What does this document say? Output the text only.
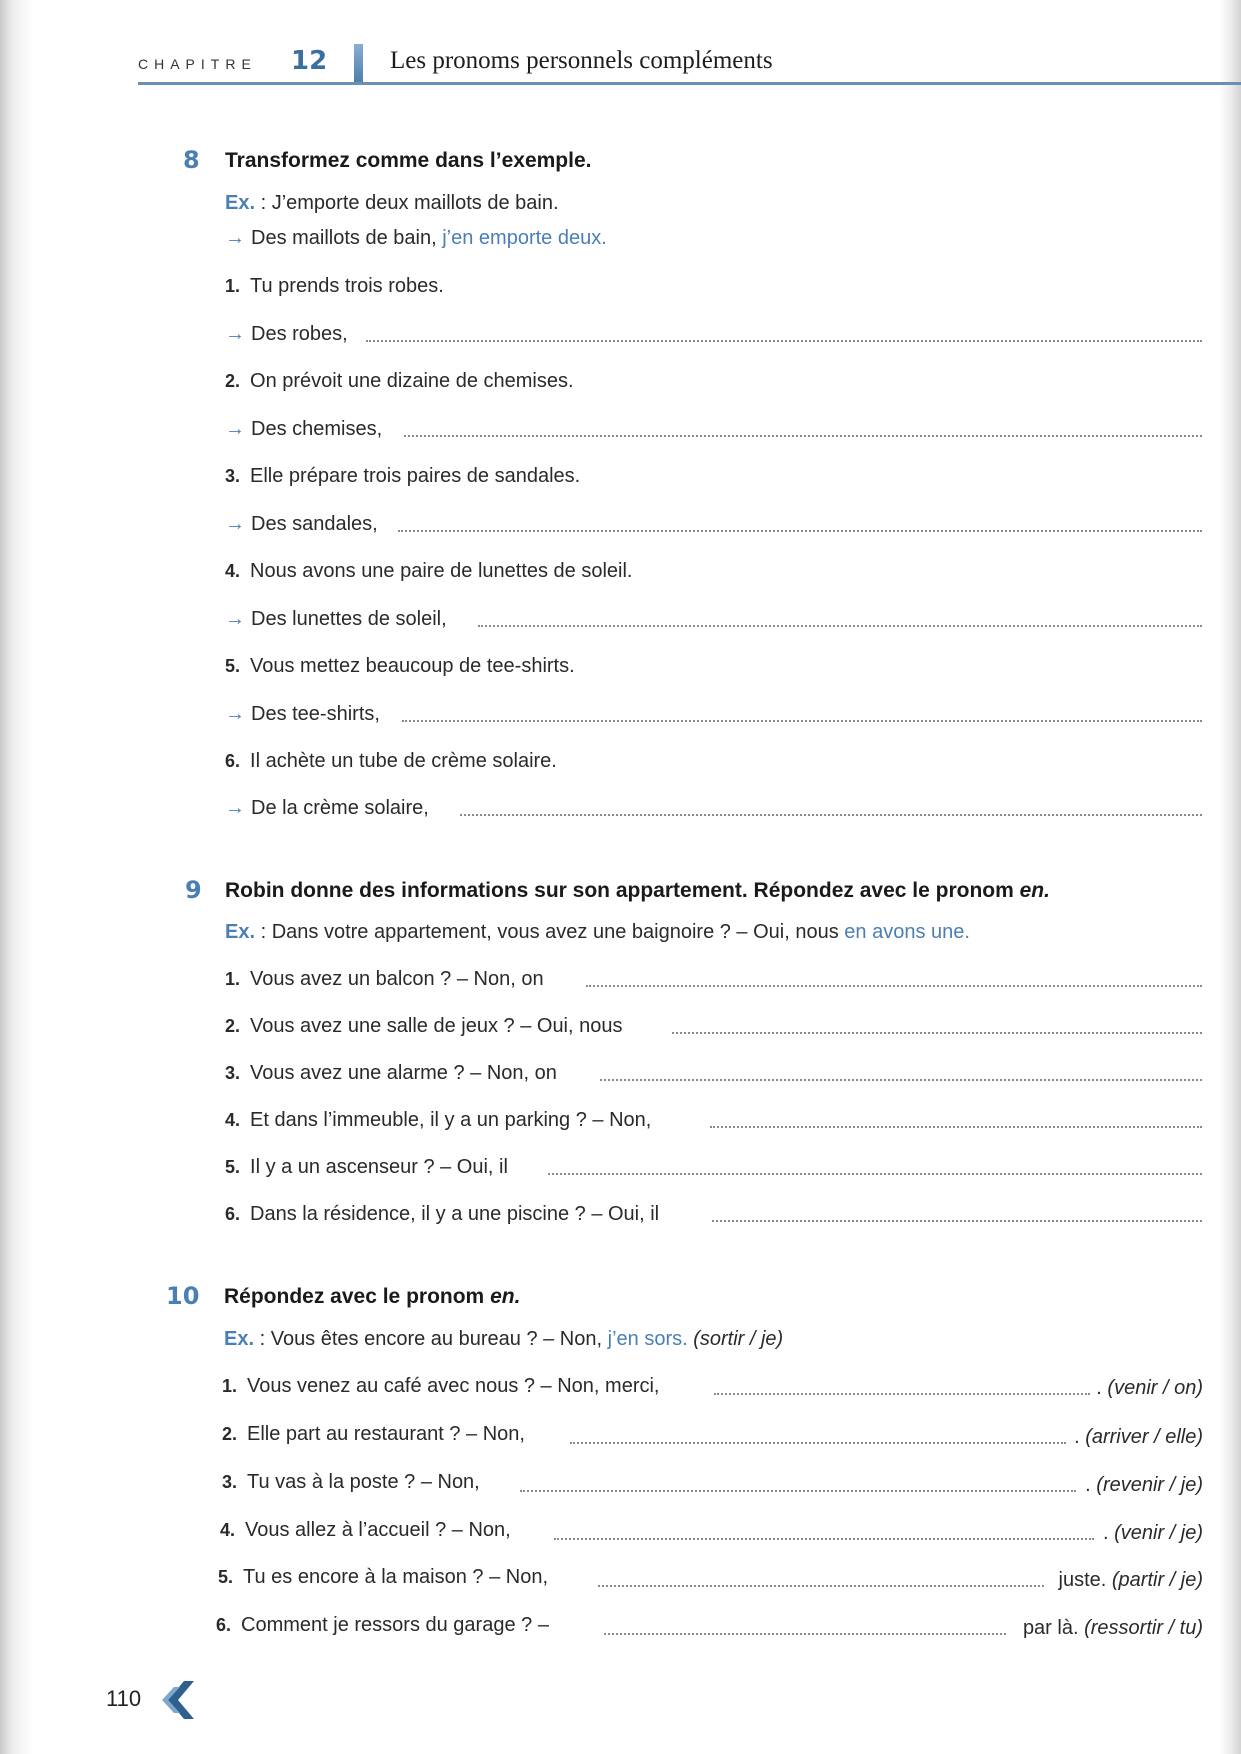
CHAPITRE 12	Les pronoms personnels compléments
8 Transformez comme dans l’exemple.
Ex. : J’emporte deux maillots de bain.
→ Des maillots de bain, j’en emporte deux.
1. Tu prends trois robes.
→ Des robes,
2. On prévoit une dizaine de chemises.
→ Des chemises,
3. Elle prépare trois paires de sandales.
→ Des sandales,
4. Nous avons une paire de lunettes de soleil.
→ Des lunettes de soleil,
5. Vous mettez beaucoup de tee-shirts.
→ Des tee-shirts,
6. Il achète un tube de crème solaire.
→ De la crème solaire,
9 Robin donne des informations sur son appartement. Répondez avec le pronom en.
Ex. : Dans votre appartement, vous avez une baignoire ? – Oui, nous en avons une.
1. Vous avez un balcon ? – Non, on
2. Vous avez une salle de jeux ? – Oui, nous
3. Vous avez une alarme ? – Non, on
4. Et dans l’immeuble, il y a un parking ? – Non,
5. Il y a un ascenseur ? – Oui, il
6. Dans la résidence, il y a une piscine ? – Oui, il
10 Répondez avec le pronom en.
Ex. : Vous êtes encore au bureau ? – Non, j’en sors. (sortir / je)
1. Vous venez au café avec nous ? – Non, merci,	. (venir / on)
2. Elle part au restaurant ? – Non,	. (arriver / elle)
3. Tu vas à la poste ? – Non,	. (revenir / je)
4. Vous allez à l’accueil ? – Non,	. (venir / je)
5. Tu es encore à la maison ? – Non,	juste. (partir / je)
6. Comment je ressors du garage ? –	par là. (ressortir / tu)
110
